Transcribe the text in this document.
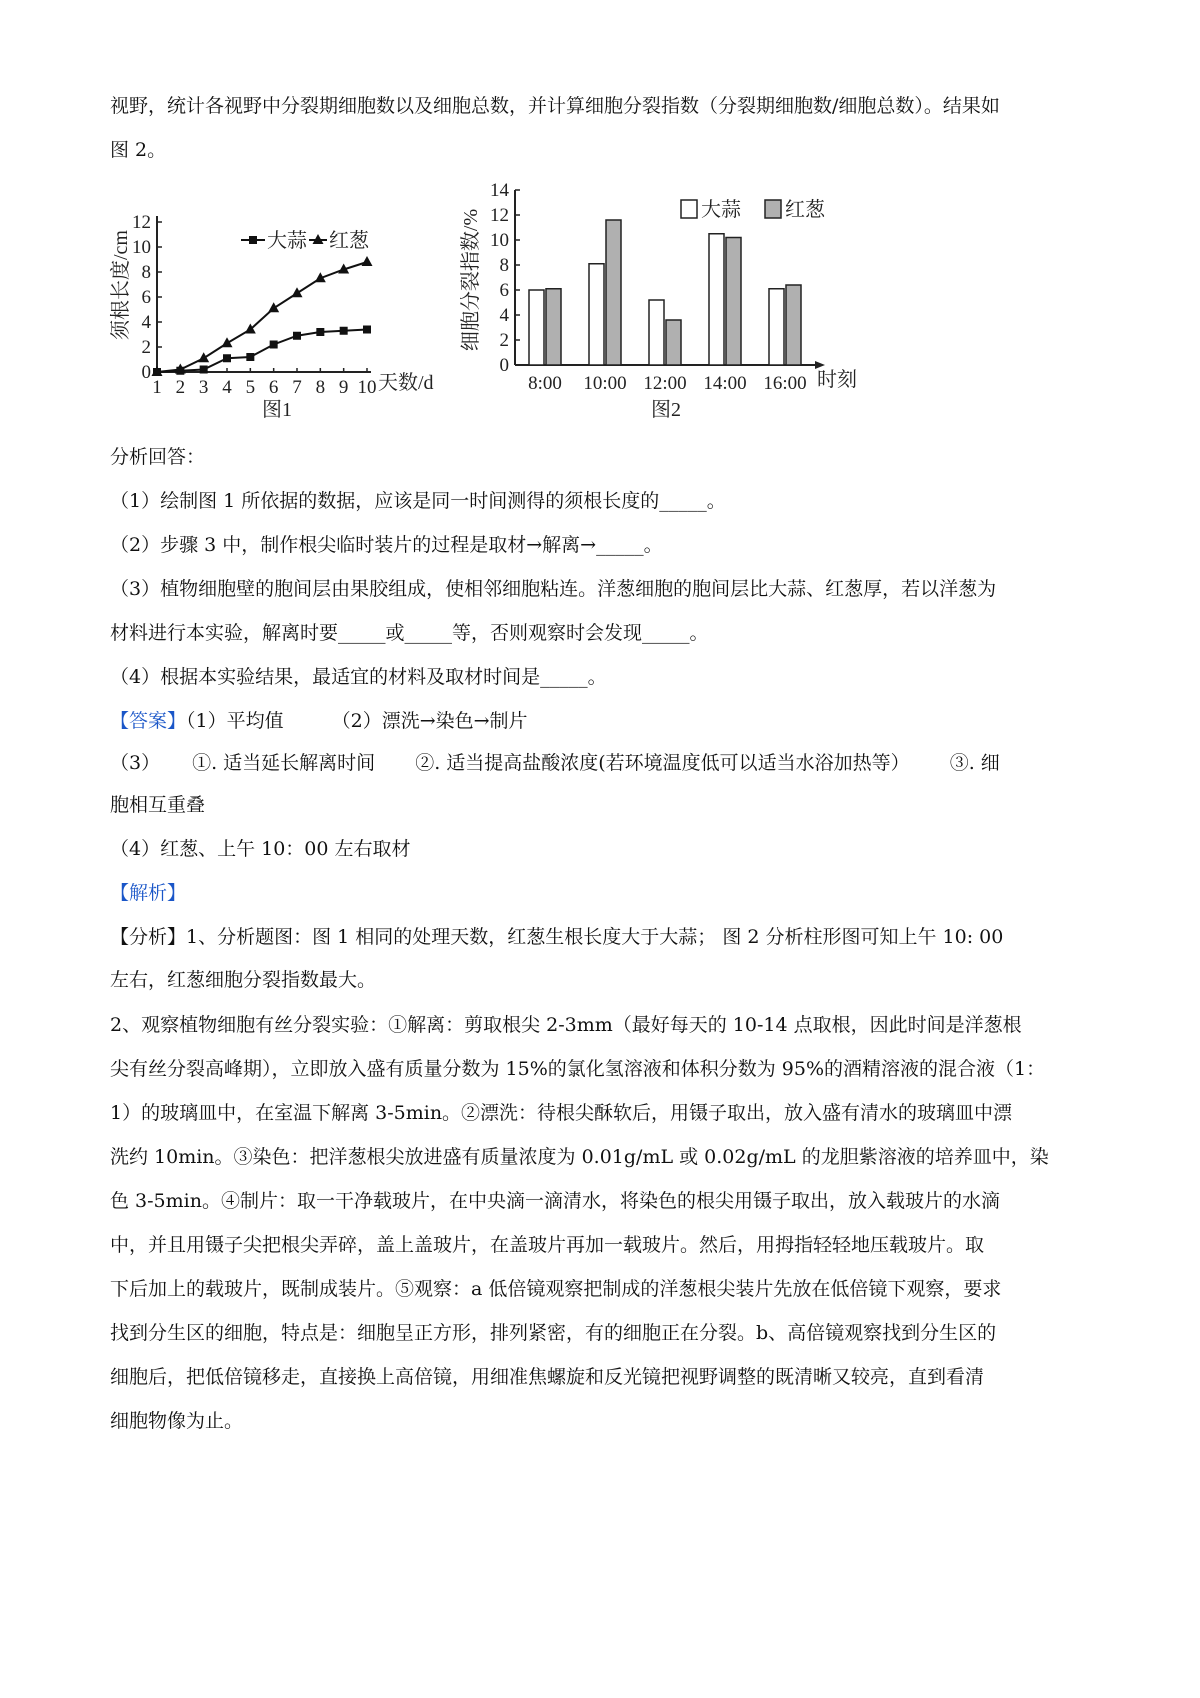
视野，统计各视野中分裂期细胞数以及细胞总数，并计算细胞分裂指数（分裂期细胞数/细胞总数）。结果如
图 2。
须根长度/cm
0
2
4
6
8
10
12
1 2 3 4 5 6 7 8 9 10
大蒜 红葱
天数/d
图1
细胞分裂指数/%
0
2
4
6
8
10
12
14
8:00 10:00 12:00 14:00 16:00
大蒜 红葱
时刻
图2
分析回答：
（1）绘制图 1 所依据的数据，应该是同一时间测得的须根长度的_____。
（2）步骤 3 中，制作根尖临时装片的过程是取材→解离→_____。
（3）植物细胞壁的胞间层由果胶组成，使相邻细胞粘连。洋葱细胞的胞间层比大蒜、红葱厚，若以洋葱为
材料进行本实验，解离时要_____或_____等，否则观察时会发现_____。
（4）根据本实验结果，最适宜的材料及取材时间是_____。
【答案】（1）平均值	（2）漂洗→染色→制片
（3） ①. 适当延长解离时间 ②. 适当提高盐酸浓度(若环境温度低可以适当水浴加热等） ③. 细
胞相互重叠
（4）红葱、上午 10：00 左右取材
【解析】
【分析】1、分析题图：图 1 相同的处理天数，红葱生根长度大于大蒜； 图 2 分析柱形图可知上午 10: 00
左右，红葱细胞分裂指数最大。
2、观察植物细胞有丝分裂实验：①解离：剪取根尖 2-3mm（最好每天的 10-14 点取根，因此时间是洋葱根
尖有丝分裂高峰期），立即放入盛有质量分数为 15%的氯化氢溶液和体积分数为 95%的酒精溶液的混合液（1：
1）的玻璃皿中，在室温下解离 3-5min。②漂洗：待根尖酥软后，用镊子取出，放入盛有清水的玻璃皿中漂
洗约 10min。③染色：把洋葱根尖放进盛有质量浓度为 0.01g/mL 或 0.02g/mL 的龙胆紫溶液的培养皿中，染
色 3-5min。④制片：取一干净载玻片，在中央滴一滴清水，将染色的根尖用镊子取出，放入载玻片的水滴
中，并且用镊子尖把根尖弄碎，盖上盖玻片，在盖玻片再加一载玻片。然后，用拇指轻轻地压载玻片。取
下后加上的载玻片，既制成装片。⑤观察：a 低倍镜观察把制成的洋葱根尖装片先放在低倍镜下观察，要求
找到分生区的细胞，特点是：细胞呈正方形，排列紧密，有的细胞正在分裂。b、高倍镜观察找到分生区的
细胞后，把低倍镜移走，直接换上高倍镜，用细准焦螺旋和反光镜把视野调整的既清晰又较亮，直到看清
细胞物像为止。
